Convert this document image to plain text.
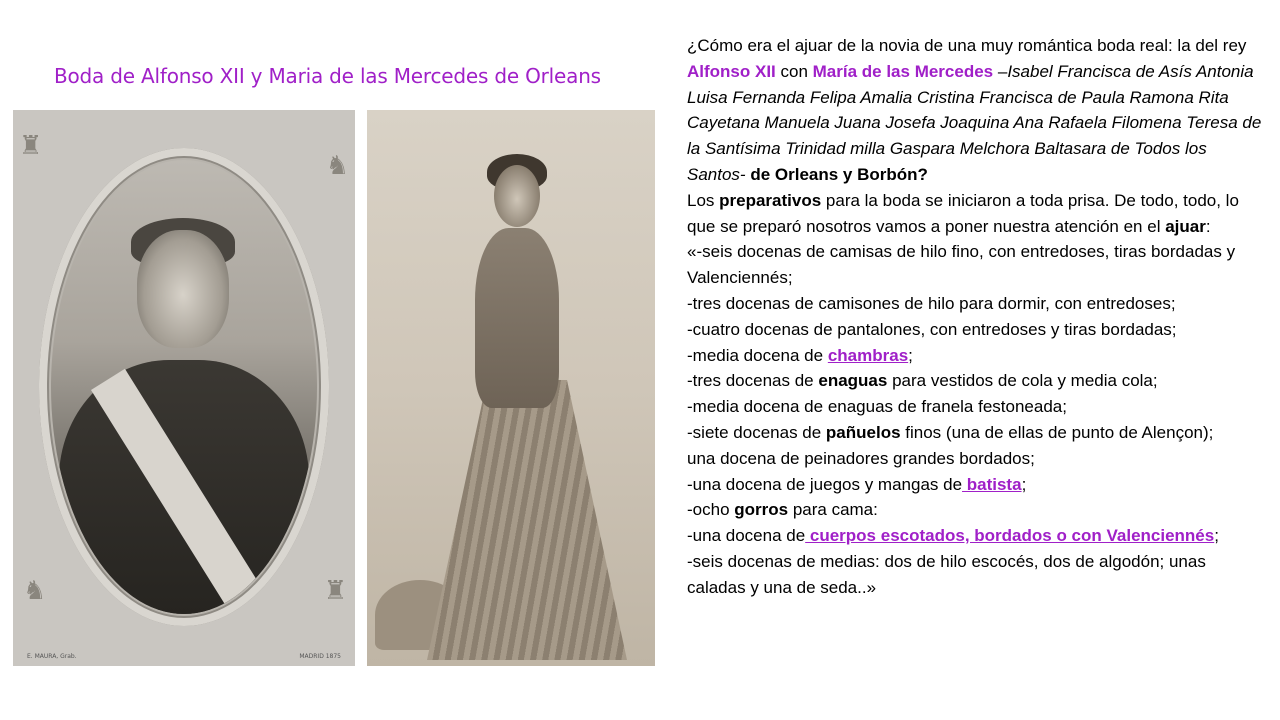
Boda de Alfonso XII y Maria de las Mercedes de Orleans
♜
♞
♞	♜
E. MAURA, Grab.	MADRID 1875

¿Cómo era el ajuar de la novia de una muy romántica boda real: la del rey Alfonso XII con María de las Mercedes –Isabel Francisca de Asís Antonia Luisa Fernanda Felipa Amalia Cristina Francisca de Paula Ramona Rita Cayetana Manuela Juana Josefa Joaquina Ana Rafaela Filomena Teresa de la Santísima Trinidad milla Gaspara Melchora Baltasara de Todos los Santos- de Orleans y Borbón?

Los preparativos para la boda se iniciaron a toda prisa. De todo, todo, lo que se preparó nosotros vamos a poner nuestra atención en el ajuar:

«-seis docenas de camisas de hilo fino, con entredoses, tiras bordadas y Valenciennés;

-tres docenas de camisones de hilo para dormir, con entredoses;

-cuatro docenas de pantalones, con entredoses y tiras bordadas;

-media docena de chambras;

-tres docenas de enaguas para vestidos de cola y media cola;

-media docena de enaguas de franela festoneada;

-siete docenas de pañuelos finos (una de ellas de punto de Alençon);

una docena de peinadores grandes bordados;

-una docena de juegos y mangas de batista;

-ocho gorros para cama:

-una docena de cuerpos escotados, bordados o con Valenciennés;

-seis docenas de medias: dos de hilo escocés, dos de algodón; unas caladas y una de seda..»
